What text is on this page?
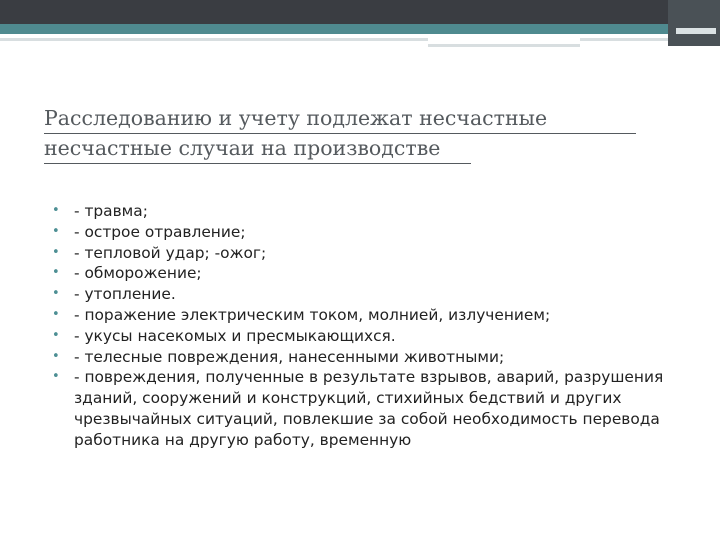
Расследованию и учету подлежат несчастные
несчастные случаи на производстве
• - травма;
• - острое отравление;
• - тепловой удар; -ожог;
• - обморожение;
• - утопление.
• - поражение электрическим током, молнией, излучением;
• - укусы насекомых и пресмыкающихся.
• - телесные повреждения, нанесенными животными;
• - повреждения, полученные в результате взрывов, аварий, разрушения зданий, сооружений и конструкций, стихийных бедствий и других чрезвычайных ситуаций, повлекшие за собой необходимость перевода работника на другую работу, временную
